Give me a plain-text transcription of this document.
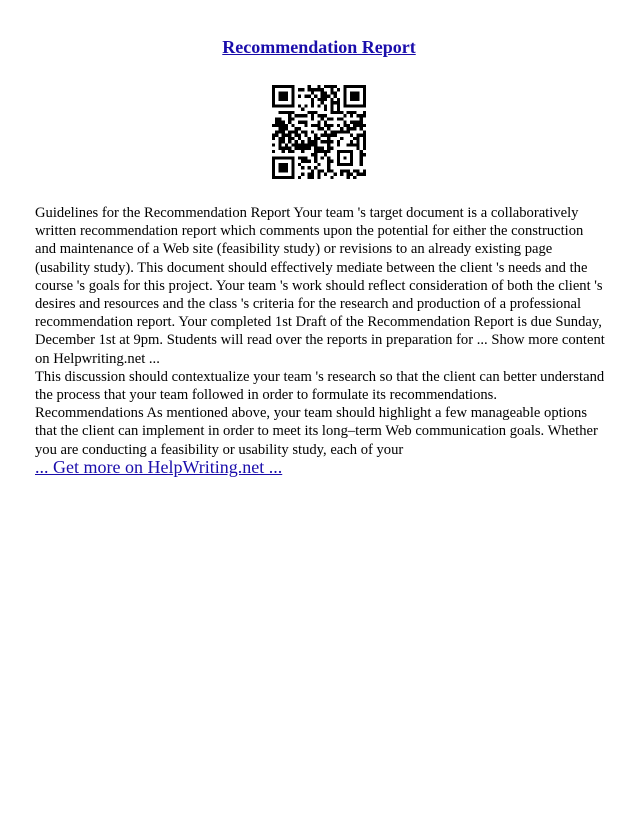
Recommendation Report

Guidelines for the Recommendation Report Your team 's target document is a collaboratively written recommendation report which comments upon the potential for either the construction and maintenance of a Web site (feasibility study) or revisions to an already existing page (usability study). This document should effectively mediate between the client 's needs and the course 's goals for this project. Your team 's work should reflect consideration of both the client 's desires and resources and the class 's criteria for the research and production of a professional recommendation report. Your completed 1st Draft of the Recommendation Report is due Sunday, December 1st at 9pm. Students will read over the reports in preparation for ... Show more content on Helpwriting.net ...

This discussion should contextualize your team 's research so that the client can better understand the process that your team followed in order to formulate its recommendations. Recommendations As mentioned above, your team should highlight a few manageable options that the client can implement in order to meet its long–term Web communication goals. Whether you are conducting a feasibility or usability study, each of your

... Get more on HelpWriting.net ...
